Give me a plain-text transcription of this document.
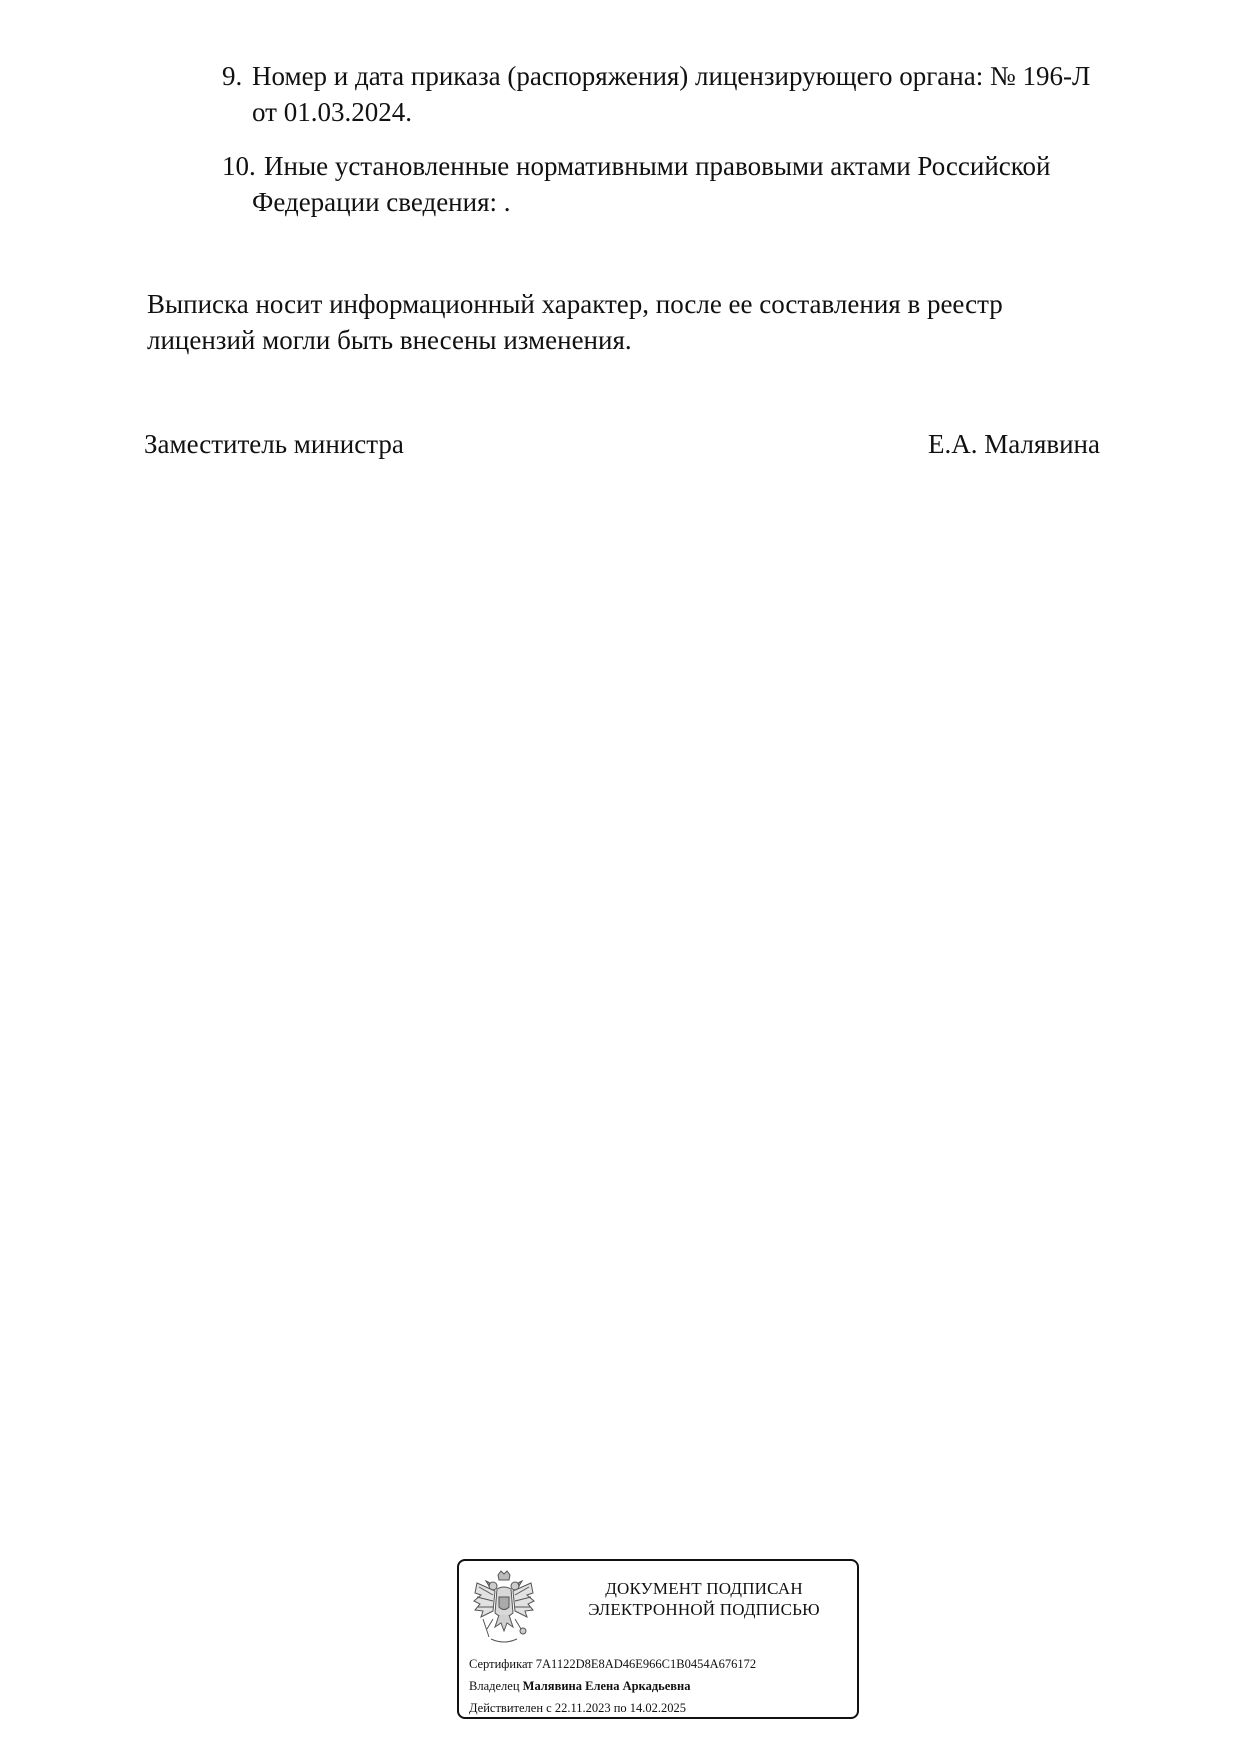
9. Номер и дата приказа (распоряжения) лицензирующего органа: № 196-Л
от 01.03.2024.
10. Иные установленные нормативными правовыми актами Российской
Федерации сведения: .
Выписка носит информационный характер, после ее составления в реестр
лицензий могли быть внесены изменения.
Заместитель министра	Е.А. Малявина
ДОКУМЕНТ ПОДПИСАН
ЭЛЕКТРОННОЙ ПОДПИСЬЮ
Сертификат 7A1122D8E8AD46E966C1B0454A676172
Владелец Малявина Елена Аркадьевна
Действителен с 22.11.2023 по 14.02.2025
